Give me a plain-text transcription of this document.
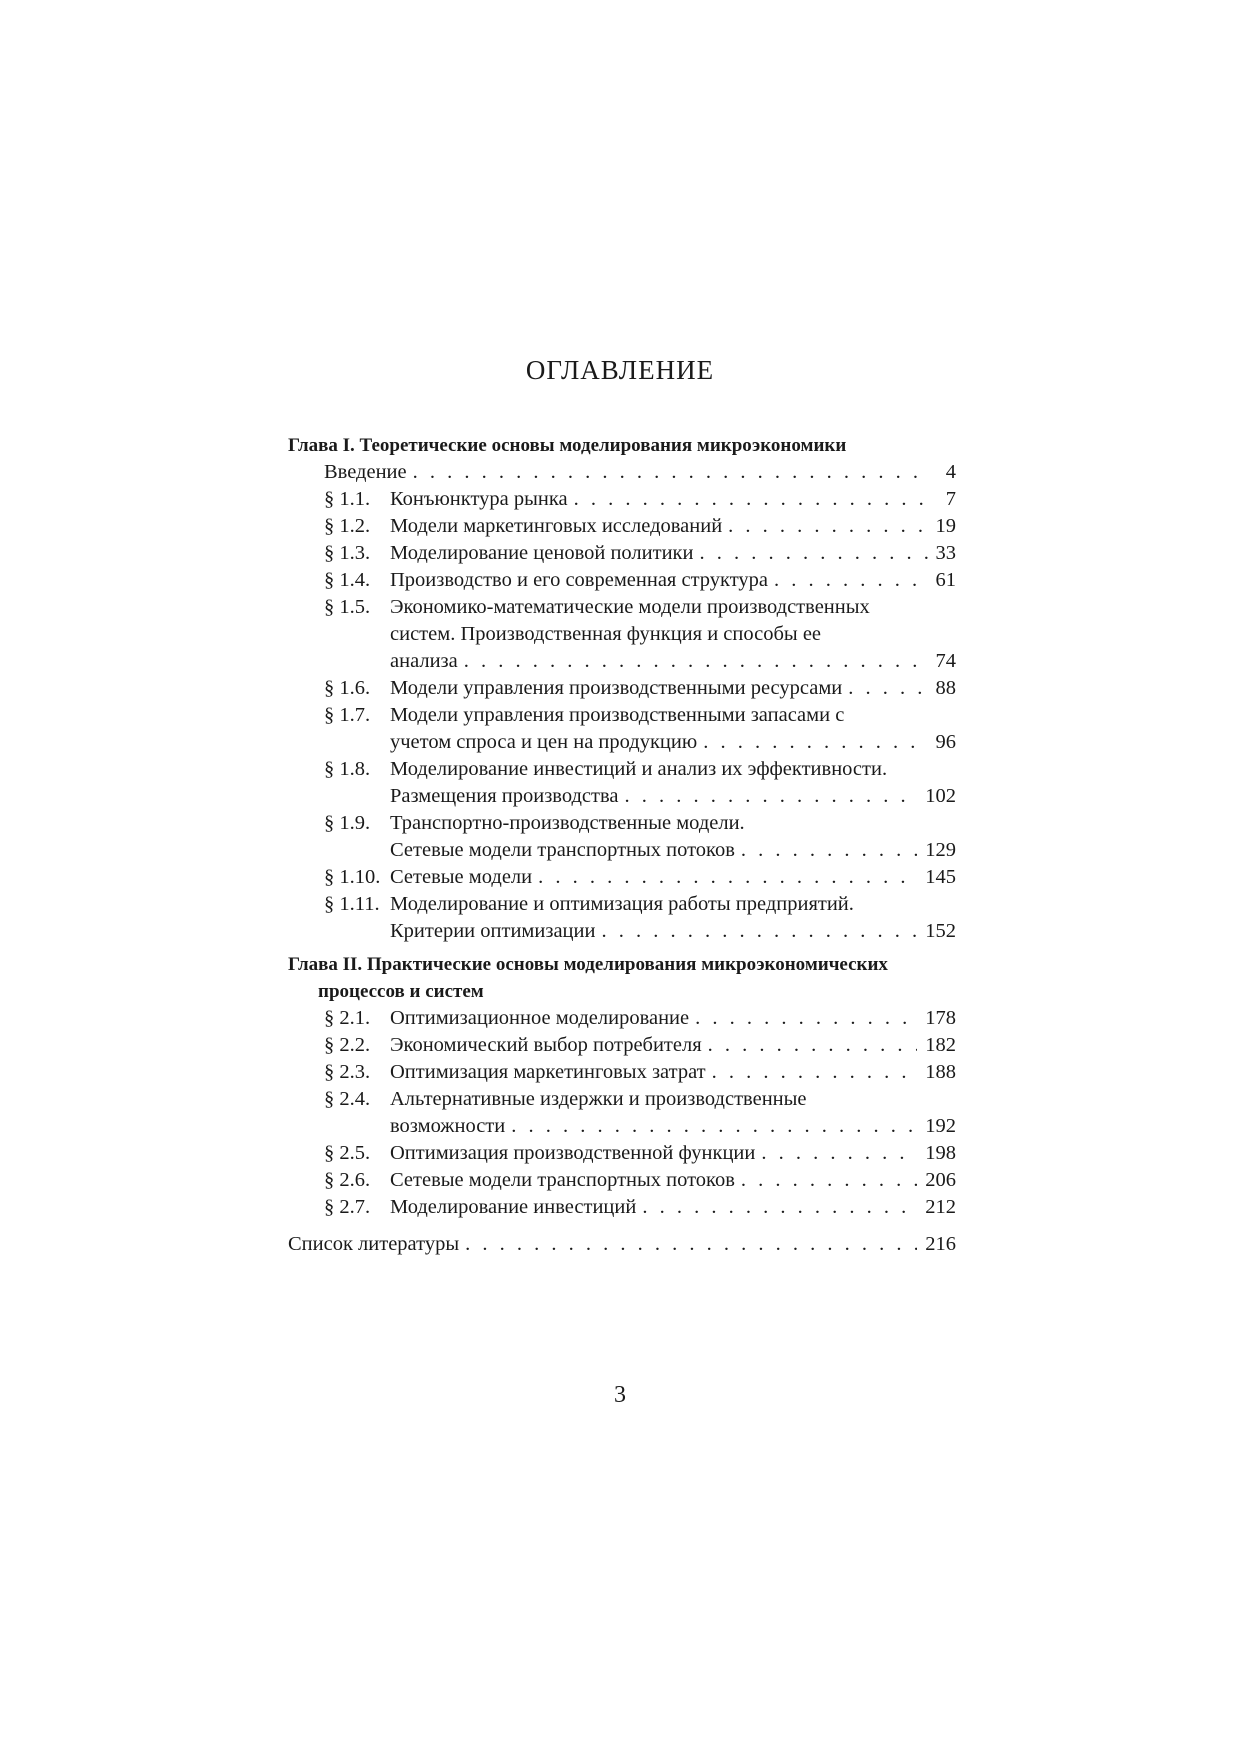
ОГЛАВЛЕНИЕ
Глава I. Теоретические основы моделирования микроэкономики
Введение . . .	4
§ 1.1. Конъюнктура рынка . . .	7
§ 1.2. Модели маркетинговых исследований . . .	19
§ 1.3. Моделирование ценовой политики . . .	33
§ 1.4. Производство и его современная структура . . .	61
§ 1.5. Экономико-математические модели производственных
систем. Производственная функция и способы ее
анализа . . .	74
§ 1.6. Модели управления производственными ресурсами . . .	88
§ 1.7. Модели управления производственными запасами с
учетом спроса и цен на продукцию . . .	96
§ 1.8. Моделирование инвестиций и анализ их эффективности.
Размещения производства . . .	102
§ 1.9. Транспортно-производственные модели.
Сетевые модели транспортных потоков . . .	129
§ 1.10. Сетевые модели . . .	145
§ 1.11. Моделирование и оптимизация работы предприятий.
Критерии оптимизации . . .	152
Глава II. Практические основы моделирования микроэкономических
процессов и систем
§ 2.1. Оптимизационное моделирование . . .	178
§ 2.2. Экономический выбор потребителя . . .	182
§ 2.3. Оптимизация маркетинговых затрат . . .	188
§ 2.4. Альтернативные издержки и производственные
возможности . . .	192
§ 2.5. Оптимизация производственной функции . . .	198
§ 2.6. Сетевые модели транспортных потоков . . .	206
§ 2.7. Моделирование инвестиций . . .	212
Список литературы . . .	216
3
